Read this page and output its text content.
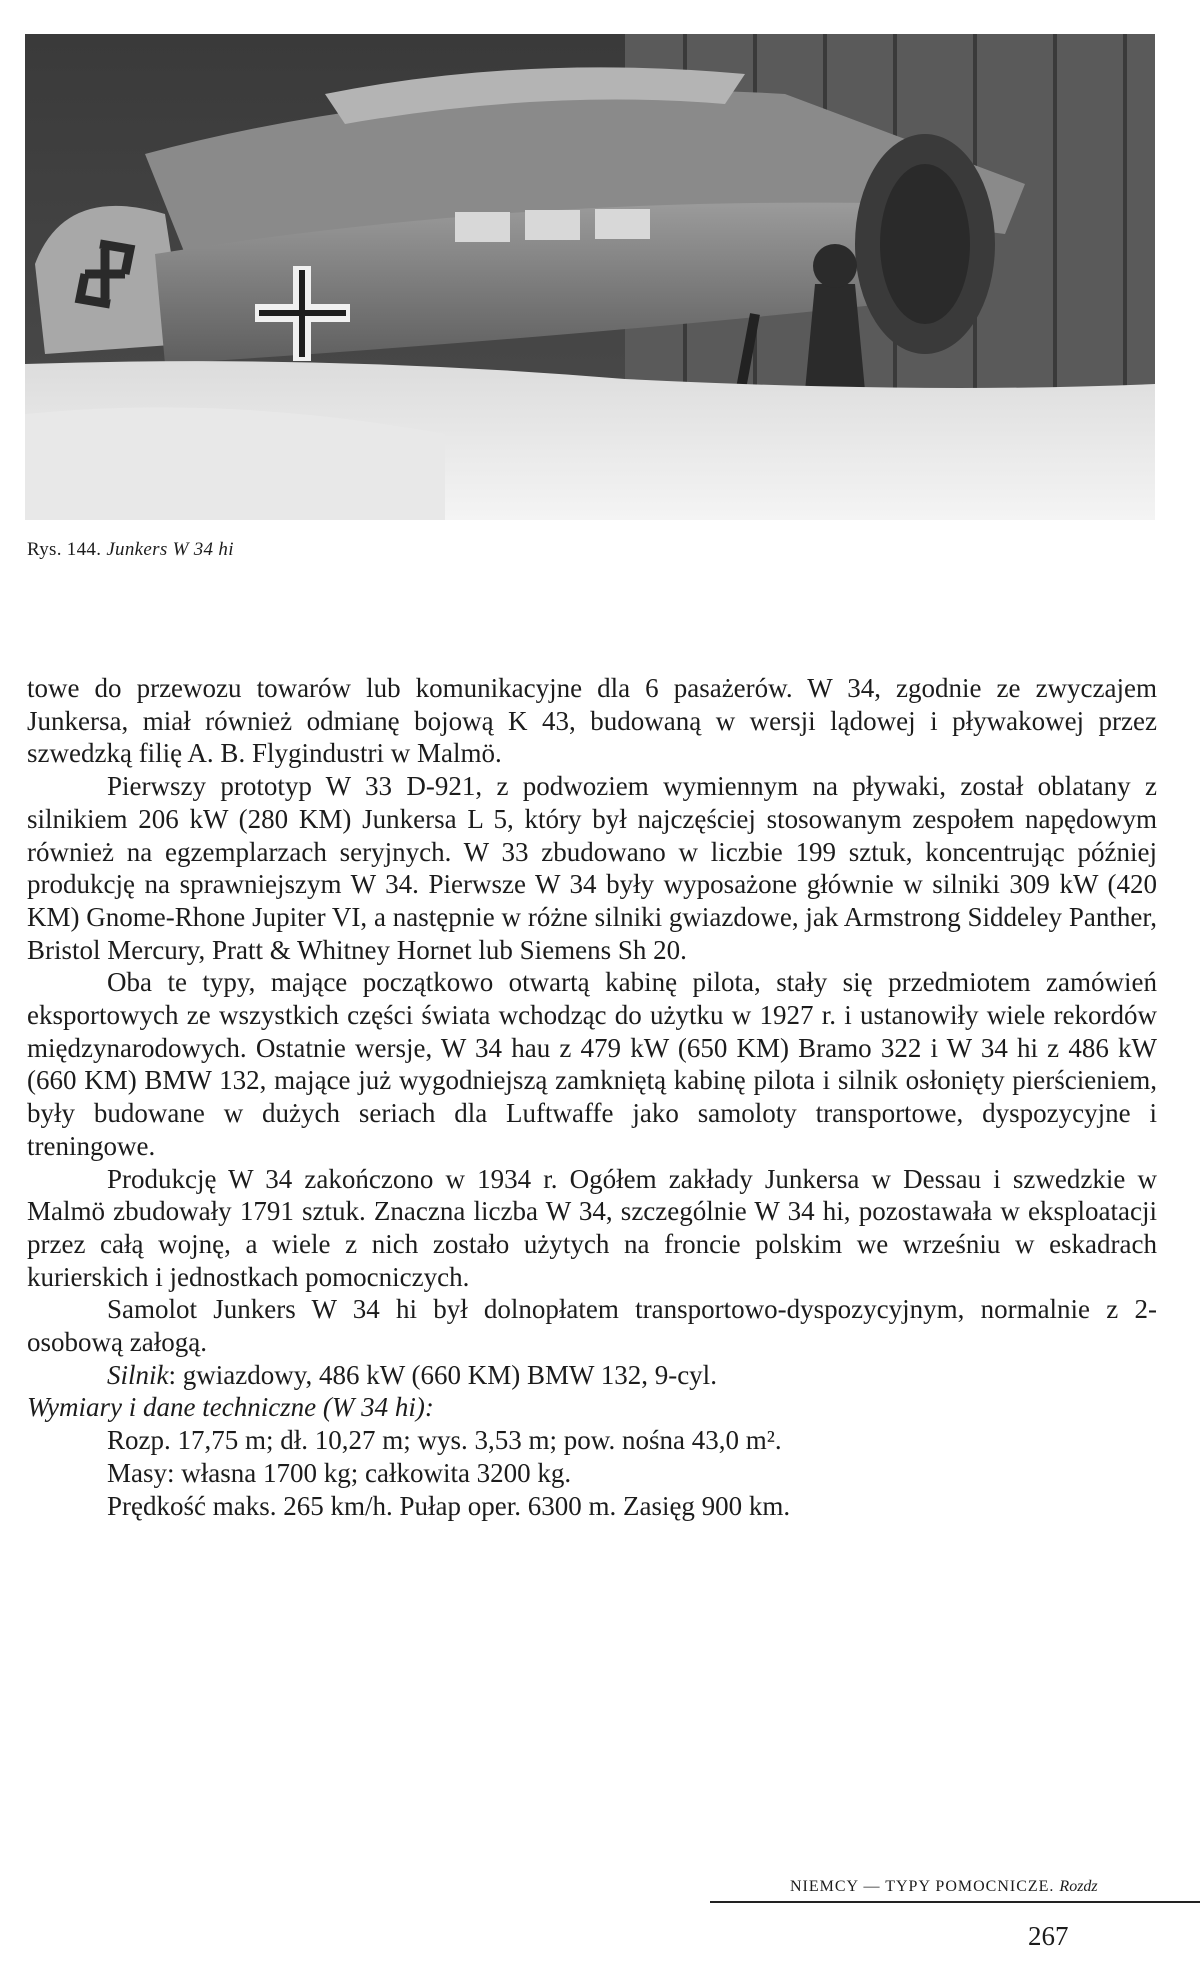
Rys. 144. Junkers W 34 hi

towe do przewozu towarów lub komunikacyjne dla 6 pasażerów. W 34, zgodnie ze zwyczajem Junkersa, miał również odmianę bojową K 43, budowaną w wersji lądowej i pływakowej przez szwedzką filię A. B. Flygindustri w Malmö.

Pierwszy prototyp W 33 D-921, z podwoziem wymiennym na pływaki, został oblatany z silnikiem 206 kW (280 KM) Junkersa L 5, który był najczęściej stosowanym zespołem napędowym również na egzemplarzach seryjnych. W 33 zbudowano w liczbie 199 sztuk, koncentrując później produkcję na sprawniejszym W 34. Pierwsze W 34 były wyposażone głównie w silniki 309 kW (420 KM) Gnome-Rhone Jupiter VI, a następnie w różne silniki gwiazdowe, jak Armstrong Siddeley Panther, Bristol Mercury, Pratt & Whitney Hornet lub Siemens Sh 20.

Oba te typy, mające początkowo otwartą kabinę pilota, stały się przedmiotem zamówień eksportowych ze wszystkich części świata wchodząc do użytku w 1927 r. i ustanowiły wiele rekordów międzynarodowych. Ostatnie wersje, W 34 hau z 479 kW (650 KM) Bramo 322 i W 34 hi z 486 kW (660 KM) BMW 132, mające już wygodniejszą zamkniętą kabinę pilota i silnik osłonięty pierścieniem, były budowane w dużych seriach dla Luftwaffe jako samoloty transportowe, dyspozycyjne i treningowe.

Produkcję W 34 zakończono w 1934 r. Ogółem zakłady Junkersa w Dessau i szwedzkie w Malmö zbudowały 1791 sztuk. Znaczna liczba W 34, szczególnie W 34 hi, pozostawała w eksploatacji przez całą wojnę, a wiele z nich zostało użytych na froncie polskim we wrześniu w eskadrach kurierskich i jednostkach pomocniczych.

Samolot Junkers W 34 hi był dolnopłatem transportowo-dyspozycyjnym, normalnie z 2-osobową załogą.

Silnik: gwiazdowy, 486 kW (660 KM) BMW 132, 9-cyl.

Wymiary i dane techniczne (W 34 hi):

Rozp. 17,75 m; dł. 10,27 m; wys. 3,53 m; pow. nośna 43,0 m².

Masy: własna 1700 kg; całkowita 3200 kg.

Prędkość maks. 265 km/h. Pułap oper. 6300 m. Zasięg 900 km.

NIEMCY — TYPY POMOCNICZE. Rozdz
267
